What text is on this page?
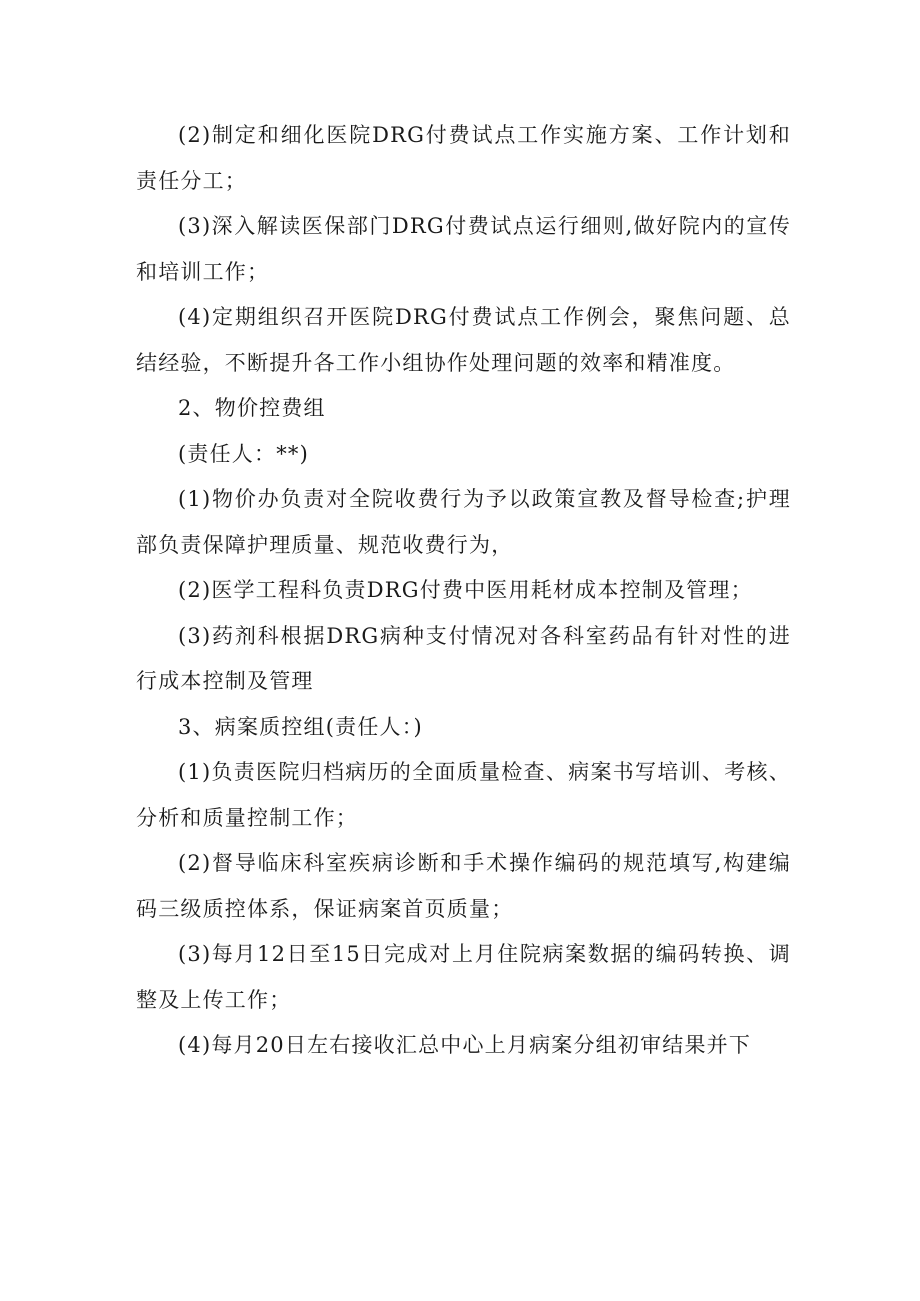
(2)制定和细化医院DRG付费试点工作实施方案、工作计划和责任分工；

(3)深入解读医保部门DRG付费试点运行细则,做好院内的宣传和培训工作；

(4)定期组织召开医院DRG付费试点工作例会，聚焦问题、总结经验，不断提升各工作小组协作处理问题的效率和精准度。

2、物价控费组

(责任人：**)

(1)物价办负责对全院收费行为予以政策宣教及督导检查;护理部负责保障护理质量、规范收费行为，

(2)医学工程科负责DRG付费中医用耗材成本控制及管理；

(3)药剂科根据DRG病种支付情况对各科室药品有针对性的进行成本控制及管理

3、病案质控组(责任人：)

(1)负责医院归档病历的全面质量检查、病案书写培训、考核、分析和质量控制工作；

(2)督导临床科室疾病诊断和手术操作编码的规范填写,构建编码三级质控体系，保证病案首页质量；

(3)每月12日至15日完成对上月住院病案数据的编码转换、调整及上传工作；

(4)每月20日左右接收汇总中心上月病案分组初审结果并下
